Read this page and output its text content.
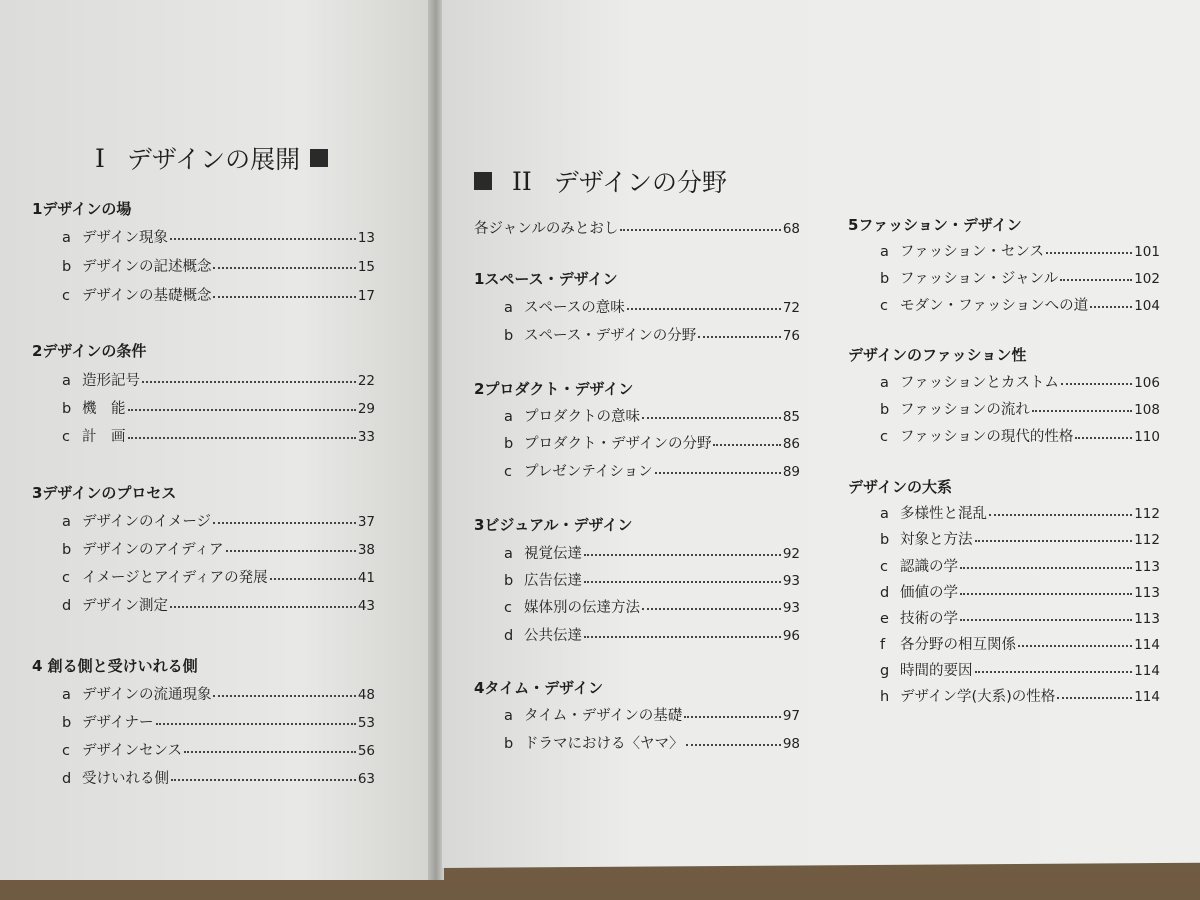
I デザインの展開
II デザインの分野
1デザインの場
a デザイン現象	13
b デザインの記述概念	15
c デザインの基礎概念	17
2デザインの条件
a 造形記号	22
b 機　能	29
c 計　画	33
3デザインのプロセス
a デザインのイメージ	37
b デザインのアイディア	38
c イメージとアイディアの発展	41
d デザイン測定	43
4 創る側と受けいれる側
a デザインの流通現象	48
b デザイナー	53
c デザインセンス	56
d 受けいれる側	63
各ジャンルのみとおし	68
1スペース・デザイン
a スペースの意味	72
b スペース・デザインの分野	76
2プロダクト・デザイン
a プロダクトの意味	85
b プロダクト・デザインの分野	86
c プレゼンテイション	89
3ビジュアル・デザイン
a 視覚伝達	92
b 広告伝達	93
c 媒体別の伝達方法	93
d 公共伝達	96
4タイム・デザイン
a タイム・デザインの基礎	97
b ドラマにおける〈ヤマ〉	98
5ファッション・デザイン
a ファッション・センス	101
b ファッション・ジャンル	102
c モダン・ファッションへの道	104
デザインのファッション性
a ファッションとカストム	106
b ファッションの流れ	108
c ファッションの現代的性格	110
デザインの大系
a 多様性と混乱	112
b 対象と方法	112
c 認識の学	113
d 価値の学	113
e 技術の学	113
f	各分野の相互関係	114
g 時間的要因	114
h デザイン学(大系)の性格	114
